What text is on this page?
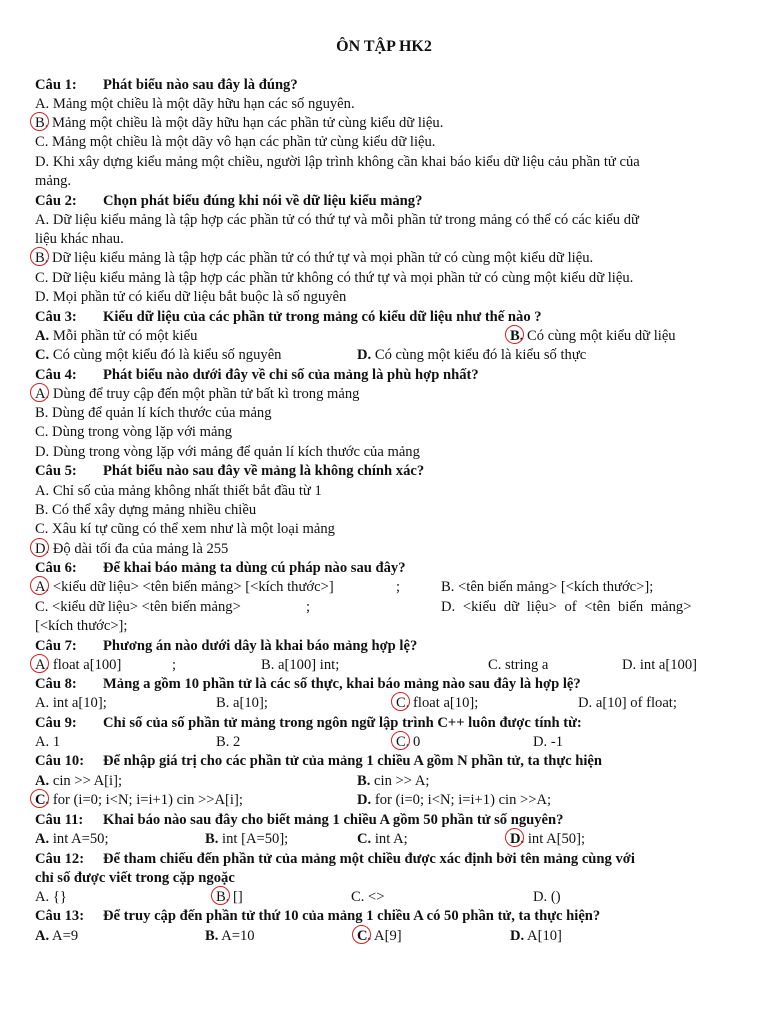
ÔN TẬP HK2
Câu 1: Phát biểu nào sau đây là đúng?
A. Mảng một chiều là một dãy hữu hạn các số nguyên.
B. Mảng một chiều là một dãy hữu hạn các phần tử cùng kiểu dữ liệu.
C. Mảng một chiều là một dãy vô hạn các phần tử cùng kiểu dữ liệu.
D. Khi xây dựng kiểu mảng một chiều, người lập trình không cần khai báo kiểu dữ liệu cảu phần tử của
mảng.
Câu 2: Chọn phát biểu đúng khi nói về dữ liệu kiểu mảng?
A. Dữ liệu kiểu mảng là tập hợp các phần tử có thứ tự và mỗi phần tử trong mảng có thể có các kiểu dữ
liệu khác nhau.
B. Dữ liệu kiểu mảng là tập hợp các phần tử có thứ tự và mọi phần tử có cùng một kiểu dữ liệu.
C. Dữ liệu kiểu mảng là tập hợp các phần tử không có thứ tự và mọi phần tử có cùng một kiểu dữ liệu.
D. Mọi phần tử có kiểu dữ liệu bắt buộc là số nguyên
Câu 3: Kiểu dữ liệu của các phần tử trong mảng có kiểu dữ liệu như thế nào ?
A. Mỗi phần tử có một kiểu	B. Có cùng một kiểu dữ liệu
C. Có cùng một kiểu đó là kiểu số nguyên	D. Có cùng một kiểu đó là kiểu số thực
Câu 4: Phát biểu nào dưới đây về chỉ số của mảng là phù hợp nhất?
A. Dùng để truy cập đến một phần tử bất kì trong mảng
B. Dùng để quản lí kích thước của mảng
C. Dùng trong vòng lặp với mảng
D. Dùng trong vòng lặp với mảng để quản lí kích thước của mảng
Câu 5: Phát biểu nào sau đây về mảng là không chính xác?
A. Chỉ số của mảng không nhất thiết bắt đầu từ 1
B. Có thể xây dựng mảng nhiều chiều
C. Xâu kí tự cũng có thể xem như là một loại mảng
D. Độ dài tối đa của mảng là 255
Câu 6: Để khai báo mảng ta dùng cú pháp nào sau đây?
A. <kiểu dữ liệu> <tên biến mảng> [<kích thước>]	;	B. <tên biến mảng> [<kích thước>];
C. <kiểu dữ liệu> <tên biến mảng>	;	D. <kiểu dữ liệu> of <tên biến mảng>
[<kích thước>];
Câu 7: Phương án nào dưới dây là khai báo mảng hợp lệ?
A. float a[100]	;	B. a[100] int;	C. string a	D. int a[100]
Câu 8: Mảng a gồm 10 phần tử là các số thực, khai báo mảng nào sau đây là hợp lệ?
A. int a[10];	B. a[10];	C. float a[10];	D. a[10] of float;
Câu 9: Chỉ số của số phần tử mảng trong ngôn ngữ lập trình C++ luôn được tính từ:
A. 1	B. 2	C. 0	D. -1
Câu 10: Để nhập giá trị cho các phần tử của mảng 1 chiều A gồm N phần tử, ta thực hiện
A. cin >> A[i];	B. cin >> A;
C. for (i=0; i<N; i=i+1) cin >>A[i];	D. for (i=0; i<N; i=i+1) cin >>A;
Câu 11: Khai báo nào sau đây cho biết mảng 1 chiều A gồm 50 phần tử số nguyên?
A. int A=50;	B. int [A=50];	C. int A;	D. int A[50];
Câu 12: Để tham chiếu đến phần tử của mảng một chiều được xác định bởi tên mảng cùng với
chỉ số được viết trong cặp ngoặc
A. {}	B. []	C. <>	D. ()
Câu 13: Để truy cập đến phần tử thứ 10 của mảng 1 chiều A có 50 phần tử, ta thực hiện?
A. A=9	B. A=10	C. A[9]	D. A[10]
